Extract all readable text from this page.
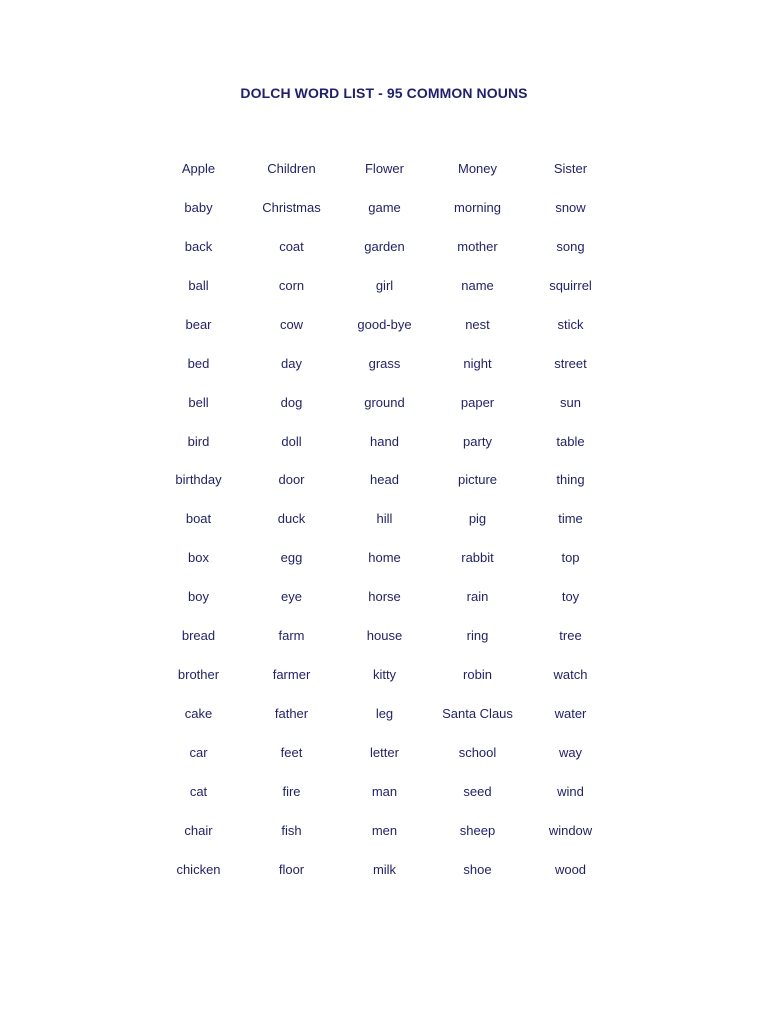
DOLCH WORD LIST - 95 COMMON NOUNS
Apple	Children	Flower	Money	Sister
baby	Christmas	game	morning	snow
back	coat	garden	mother	song
ball	corn	girl	name	squirrel
bear	cow	good-bye	nest	stick
bed	day	grass	night	street
bell	dog	ground	paper	sun
bird	doll	hand	party	table
birthday	door	head	picture	thing
boat	duck	hill	pig	time
box	egg	home	rabbit	top
boy	eye	horse	rain	toy
bread	farm	house	ring	tree
brother	farmer	kitty	robin	watch
cake	father	leg	Santa Claus	water
car	feet	letter	school	way
cat	fire	man	seed	wind
chair	fish	men	sheep	window
chicken	floor	milk	shoe	wood
